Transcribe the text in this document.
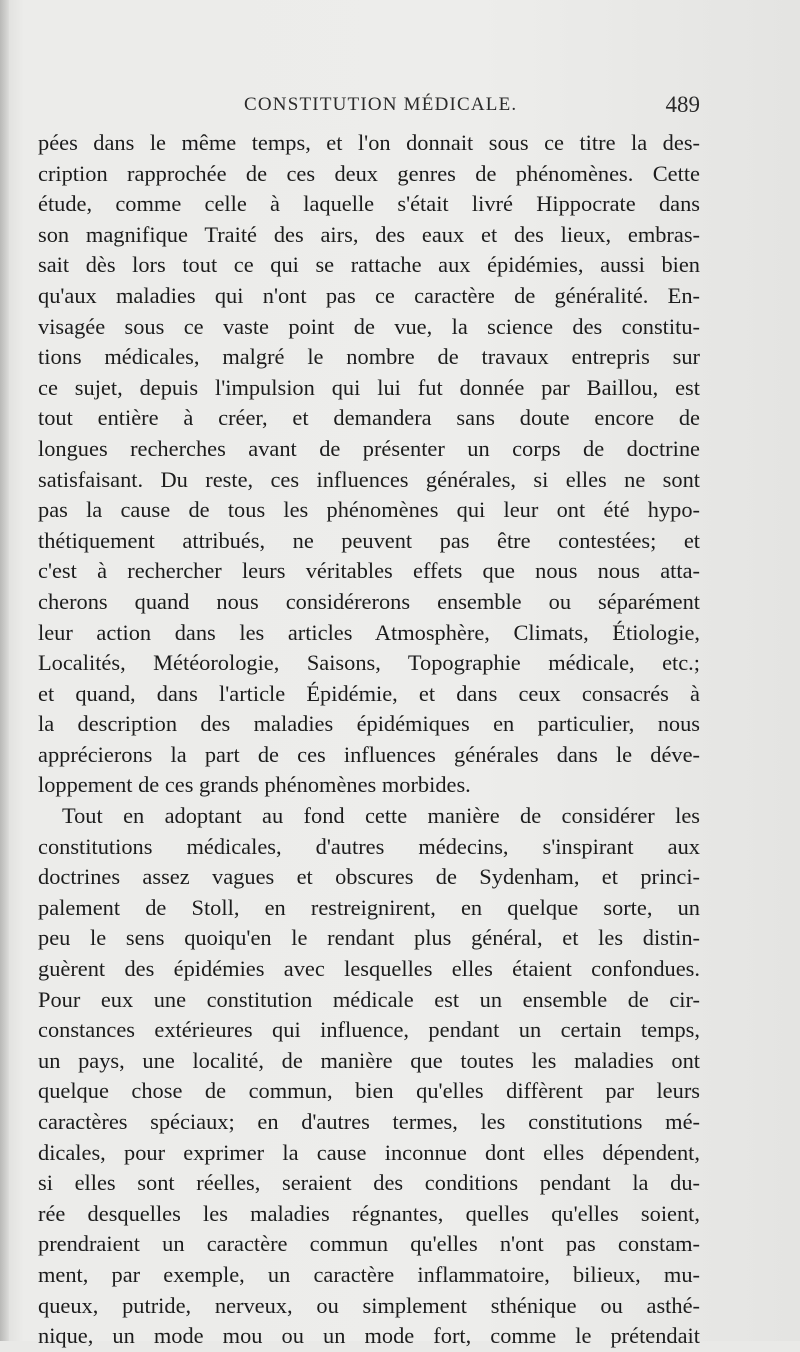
CONSTITUTION MÉDICALE.	489
pées dans le même temps, et l'on donnait sous ce titre la des-
cription rapprochée de ces deux genres de phénomènes. Cette
étude, comme celle à laquelle s'était livré Hippocrate dans
son magnifique Traité des airs, des eaux et des lieux, embras-
sait dès lors tout ce qui se rattache aux épidémies, aussi bien
qu'aux maladies qui n'ont pas ce caractère de généralité. En-
visagée sous ce vaste point de vue, la science des constitu-
tions médicales, malgré le nombre de travaux entrepris sur
ce sujet, depuis l'impulsion qui lui fut donnée par Baillou, est
tout entière à créer, et demandera sans doute encore de
longues recherches avant de présenter un corps de doctrine
satisfaisant. Du reste, ces influences générales, si elles ne sont
pas la cause de tous les phénomènes qui leur ont été hypo-
thétiquement attribués, ne peuvent pas être contestées; et
c'est à rechercher leurs véritables effets que nous nous atta-
cherons quand nous considérerons ensemble ou séparément
leur action dans les articles Atmosphère, Climats, Étiologie,
Localités, Météorologie, Saisons, Topographie médicale, etc.;
et quand, dans l'article Épidémie, et dans ceux consacrés à
la description des maladies épidémiques en particulier, nous
apprécierons la part de ces influences générales dans le déve-
loppement de ces grands phénomènes morbides.
Tout en adoptant au fond cette manière de considérer les
constitutions médicales, d'autres médecins, s'inspirant aux
doctrines assez vagues et obscures de Sydenham, et princi-
palement de Stoll, en restreignirent, en quelque sorte, un
peu le sens quoiqu'en le rendant plus général, et les distin-
guèrent des épidémies avec lesquelles elles étaient confondues.
Pour eux une constitution médicale est un ensemble de cir-
constances extérieures qui influence, pendant un certain temps,
un pays, une localité, de manière que toutes les maladies ont
quelque chose de commun, bien qu'elles diffèrent par leurs
caractères spéciaux; en d'autres termes, les constitutions mé-
dicales, pour exprimer la cause inconnue dont elles dépendent,
si elles sont réelles, seraient des conditions pendant la du-
rée desquelles les maladies régnantes, quelles qu'elles soient,
prendraient un caractère commun qu'elles n'ont pas constam-
ment, par exemple, un caractère inflammatoire, bilieux, mu-
queux, putride, nerveux, ou simplement sthénique ou asthé-
nique, un mode mou ou un mode fort, comme le prétendait
